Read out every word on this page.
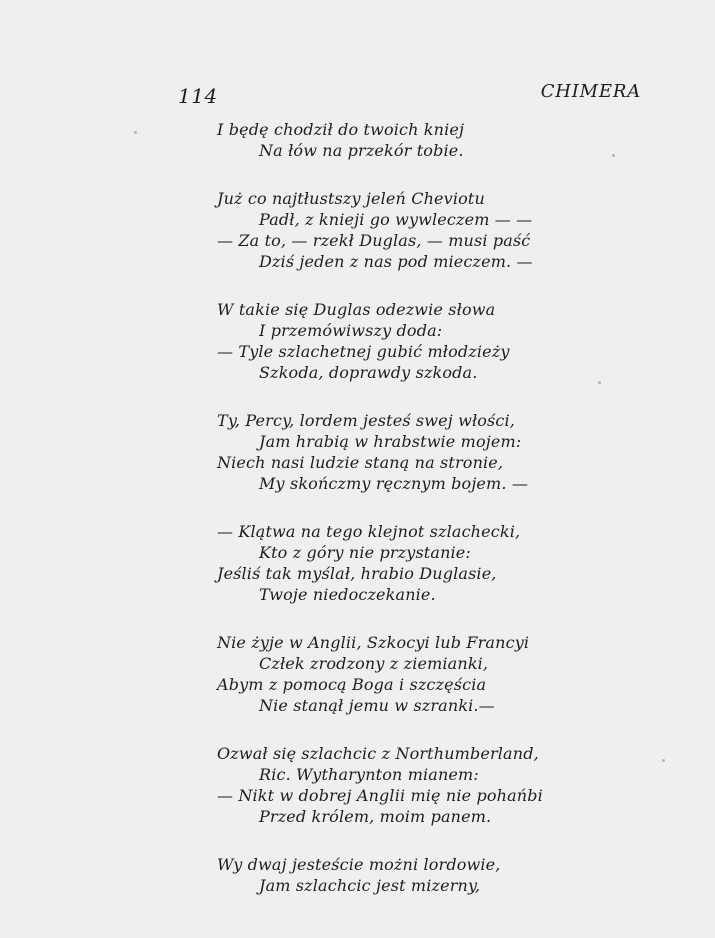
114	CHIMERA
I będę chodził do twoich kniej
Na łów na przekór tobie.
Już co najtłustszy jeleń Cheviotu
Padł, z knieji go wywleczem — —
— Za to, — rzekł Duglas, — musi paść
Dziś jeden z nas pod mieczem. —
W takie się Duglas odezwie słowa
I przemówiwszy doda:
— Tyle szlachetnej gubić młodzieży
Szkoda, doprawdy szkoda.
Ty, Percy, lordem jesteś swej włości,
Jam hrabią w hrabstwie mojem:
Niech nasi ludzie staną na stronie,
My skończmy ręcznym bojem. —
— Klątwa na tego klejnot szlachecki,
Kto z góry nie przystanie:
Jeśliś tak myślał, hrabio Duglasie,
Twoje niedoczekanie.
Nie żyje w Anglii, Szkocyi lub Francyi
Człek zrodzony z ziemianki,
Abym z pomocą Boga i szczęścia
Nie stanął jemu w szranki.—
Ozwał się szlachcic z Northumberland,
Ric. Wytharynton mianem:
— Nikt w dobrej Anglii mię nie pohańbi
Przed królem, moim panem.
Wy dwaj jesteście możni lordowie,
Jam szlachcic jest mizerny,
